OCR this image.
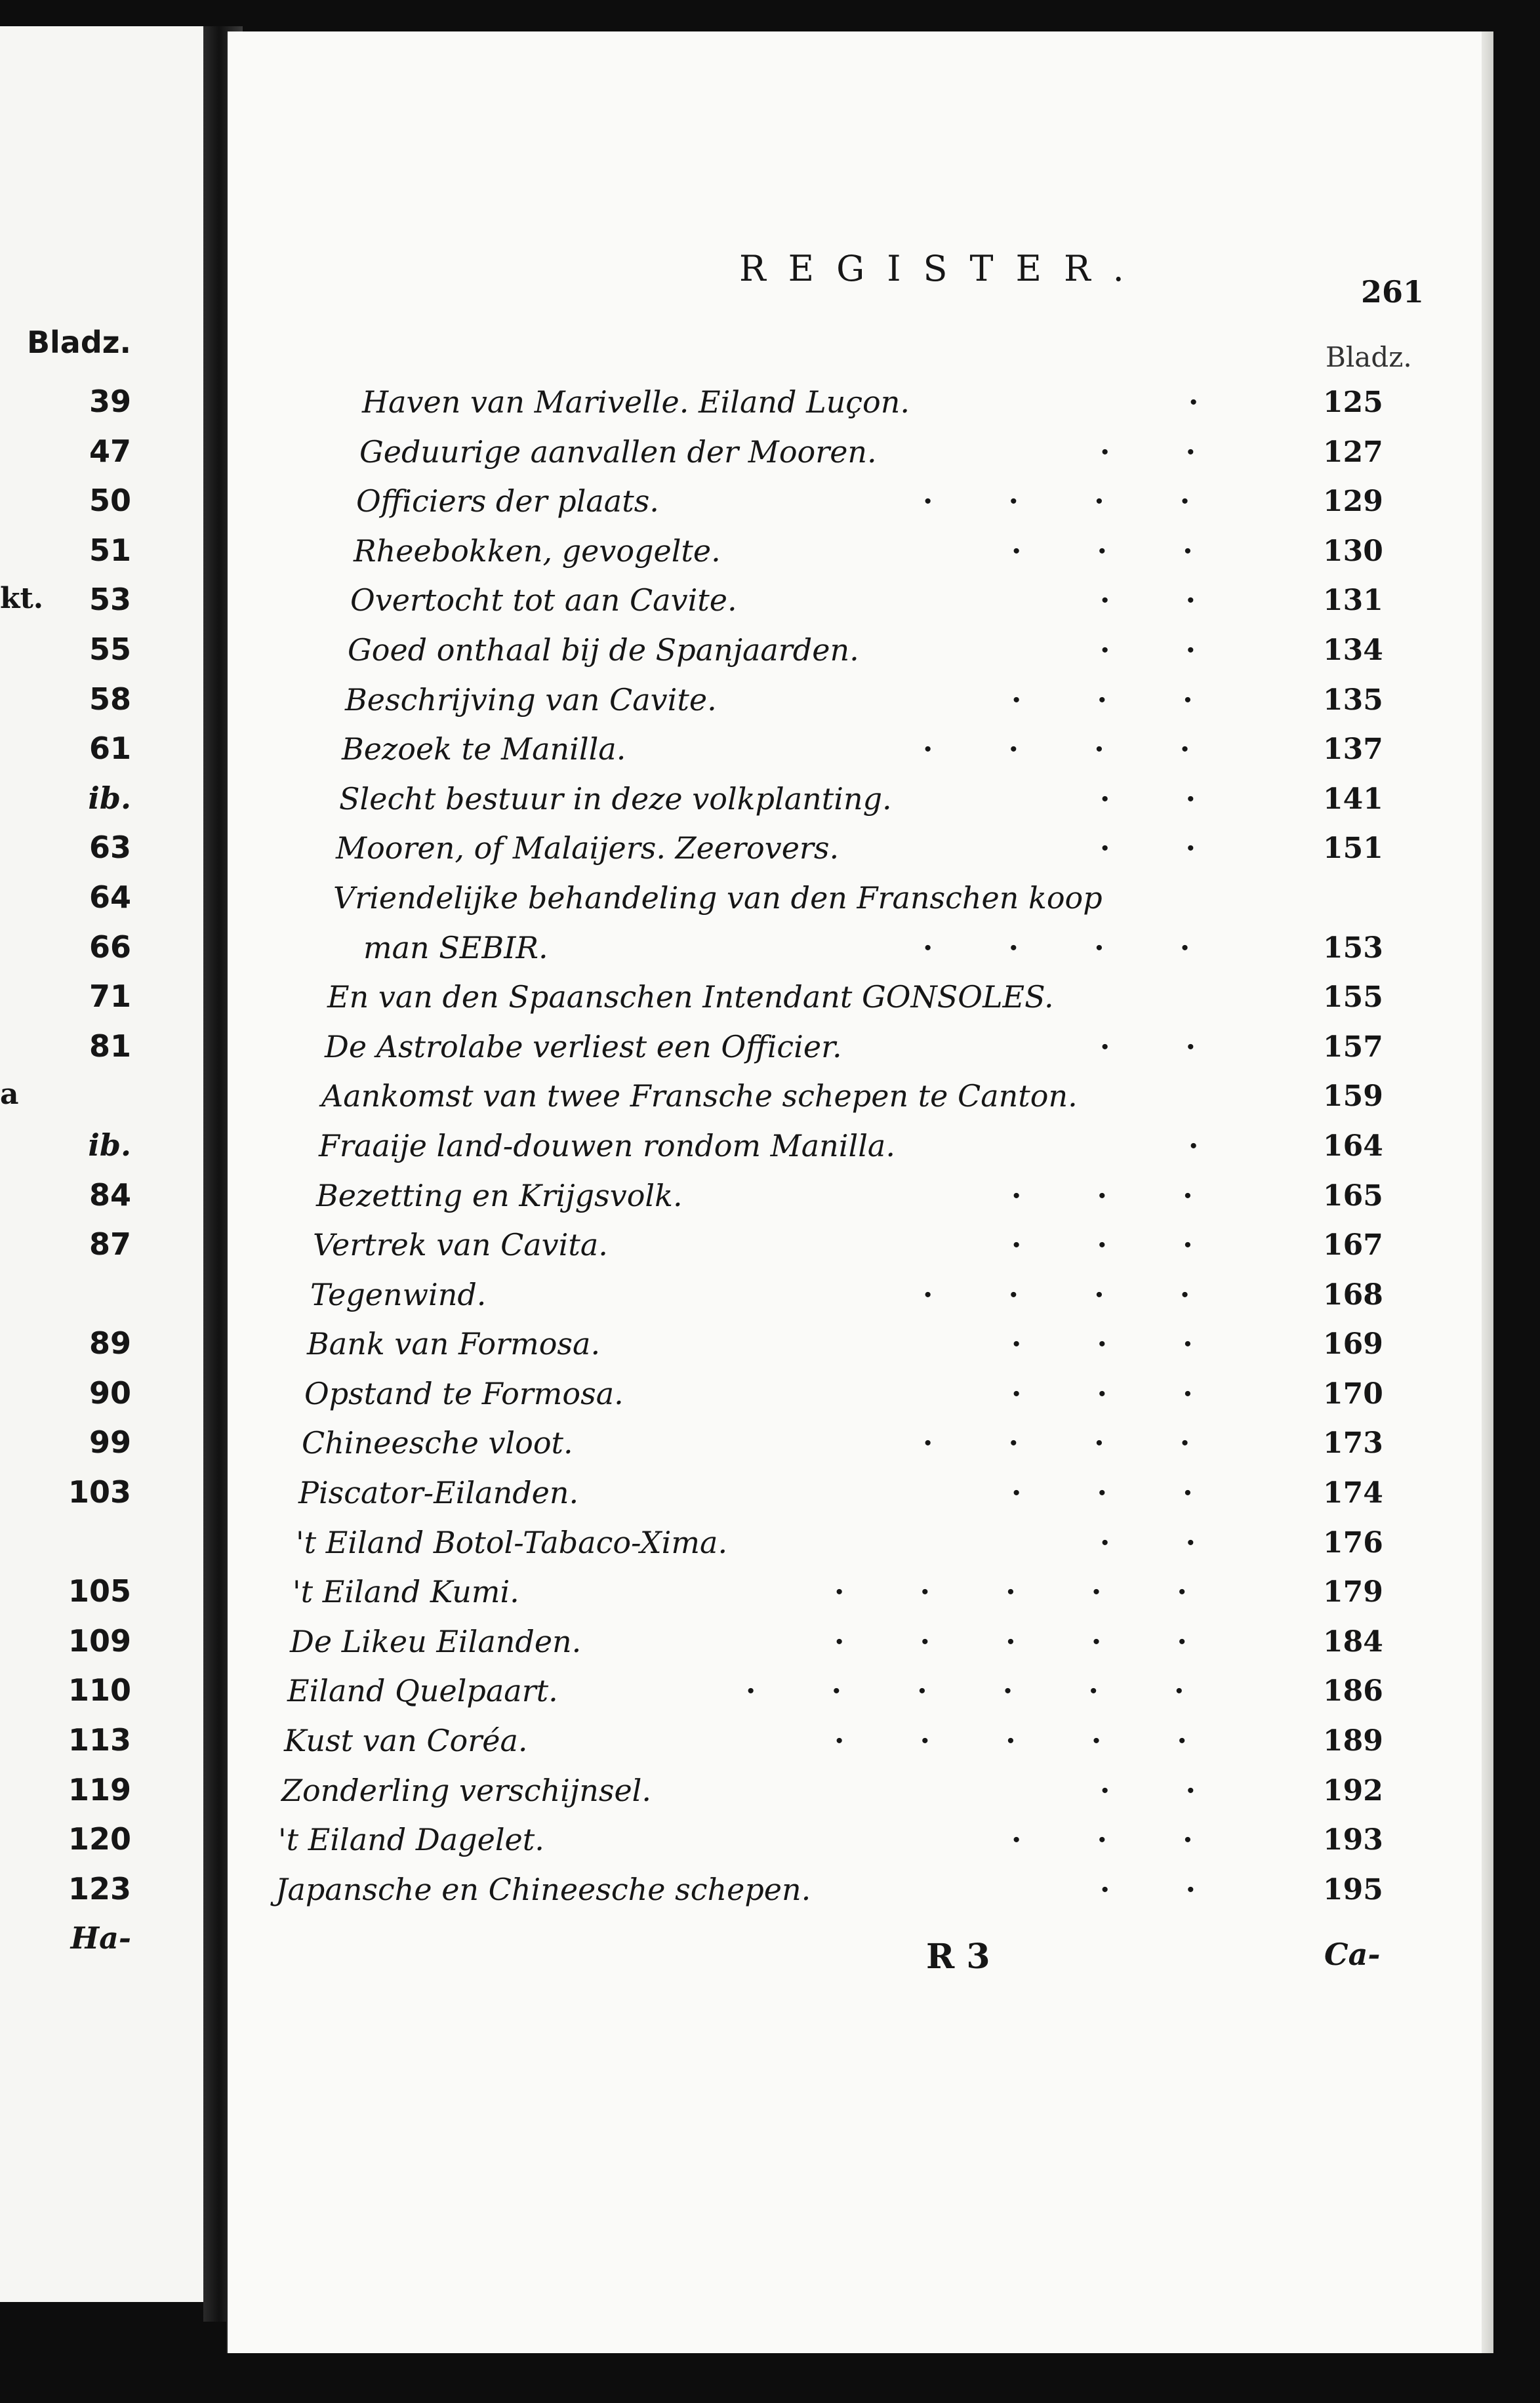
Bladz.
39
47
50
51
53
55
58
61
ib.
63
64
66
71
81
ib.
84
87
89
90
99
103
105
109
110
113
119
120
123
Ha-
kt.
a
REGISTER.
261
Bladz.
Haven van Marivelle. Eiland Luçon.	·	125
Geduurige aanvallen der Mooren.	· ·	127
Officiers der plaats.	· · · ·	129
Rheebokken, gevogelte.	· · ·	130
Overtocht tot aan Cavite.	· ·	131
Goed onthaal bij de Spanjaarden.	· ·	134
Beschrijving van Cavite.	· · ·	135
Bezoek te Manilla.	· · · ·	137
Slecht bestuur in deze volkplanting.	· ·	141
Mooren, of Malaijers. Zeerovers.	· ·	151
Vriendelijke behandeling van den Franschen koop
man SEBIR.	· · · ·	153
En van den Spaanschen Intendant GONSOLES.	155
De Astrolabe verliest een Officier.	· ·	157
Aankomst van twee Fransche schepen te Canton.	159
Fraaije land-douwen rondom Manilla.	·	164
Bezetting en Krijgsvolk.	· · ·	165
Vertrek van Cavita.	· · ·	167
Tegenwind.	· · · ·	168
Bank van Formosa.	· · ·	169
Opstand te Formosa.	· · ·	170
Chineesche vloot.	· · · ·	173
Piscator-Eilanden.	· · ·	174
't Eiland Botol-Tabaco-Xima.	· ·	176
't Eiland Kumi.	· · · · ·	179
De Likeu Eilanden.	· · · · ·	184
Eiland Quelpaart.	· · · · · ·	186
Kust van Coréa.	· · · · ·	189
Zonderling verschijnsel.	· ·	192
't Eiland Dagelet.	· · ·	193
Japansche en Chineesche schepen.	· ·	195
R 3	Ca-
